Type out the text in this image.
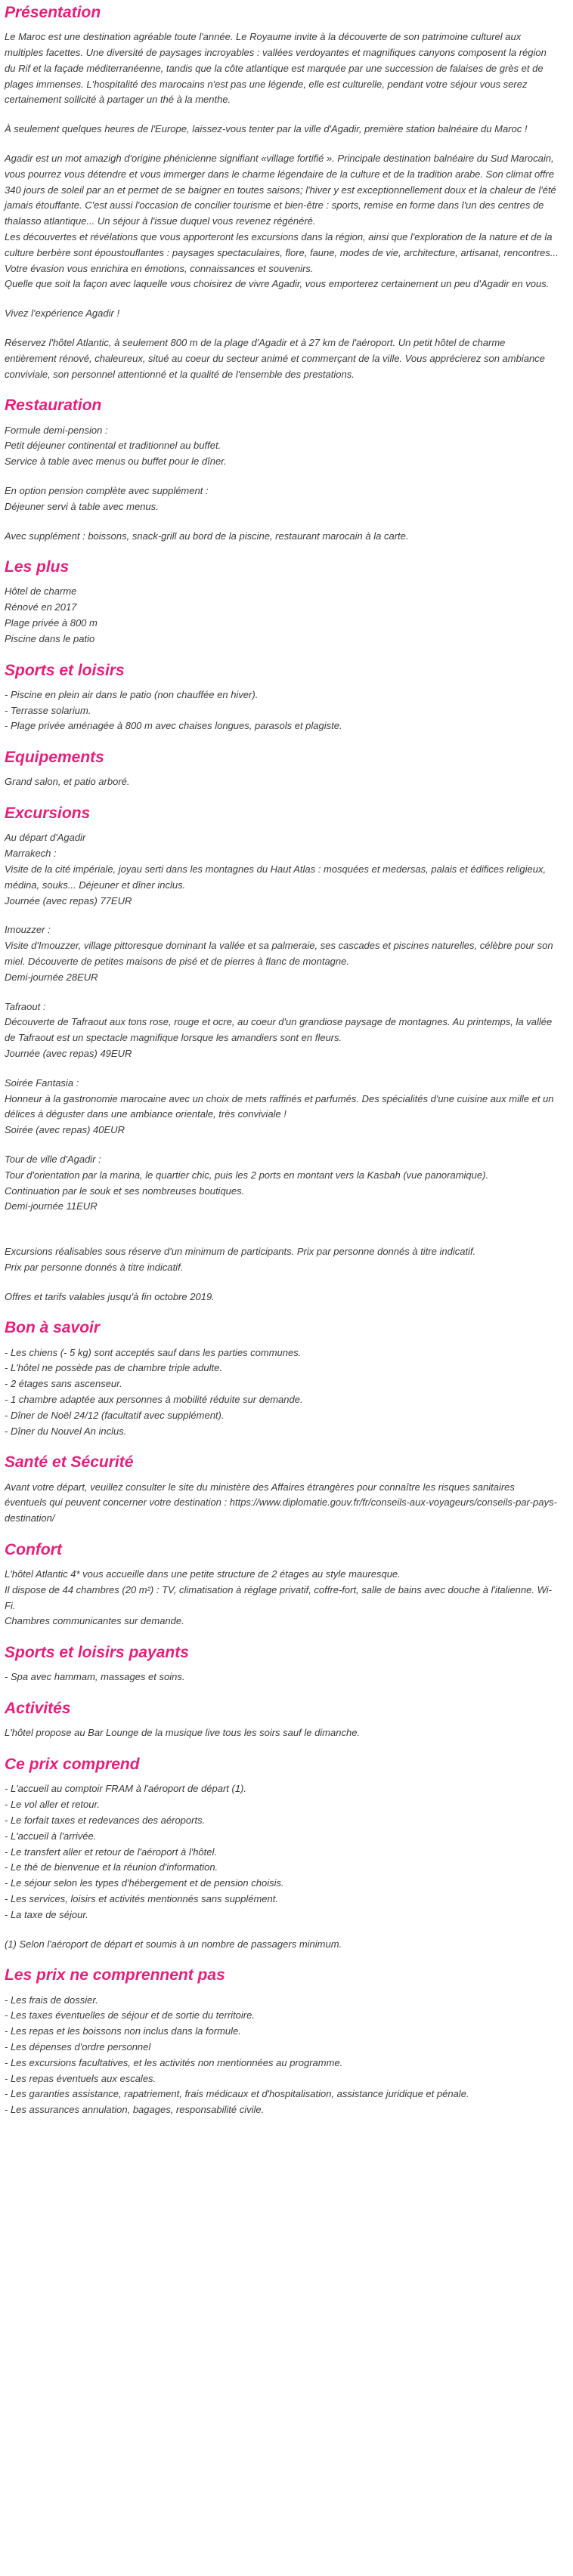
Présentation

Le Maroc est une destination agréable toute l'année. Le Royaume invite à la découverte de son patrimoine culturel aux multiples facettes. Une diversité de paysages incroyables : vallées verdoyantes et magnifiques canyons composent la région du Rif et la façade méditerranéenne, tandis que la côte atlantique est marquée par une succession de falaises de grès et de plages immenses. L'hospitalité des marocains n'est pas une légende, elle est culturelle, pendant votre séjour vous serez certainement sollicité à partager un thé à la menthe.

À seulement quelques heures de l'Europe, laissez-vous tenter par la ville d'Agadir, première station balnéaire du Maroc !

Agadir est un mot amazigh d'origine phénicienne signifiant «village fortifié ». Principale destination balnéaire du Sud Marocain, vous pourrez vous détendre et vous immerger dans le charme légendaire de la culture et de la tradition arabe. Son climat offre 340 jours de soleil par an et permet de se baigner en toutes saisons; l'hiver y est exceptionnellement doux et la chaleur de l'été jamais étouffante. C'est aussi l'occasion de concilier tourisme et bien-être : sports, remise en forme dans l'un des centres de thalasso atlantique... Un séjour à l'issue duquel vous revenez régénéré.
Les découvertes et révélations que vous apporteront les excursions dans la région, ainsi que l'exploration de la nature et de la culture berbère sont époustouflantes : paysages spectaculaires, flore, faune, modes de vie, architecture, artisanat, rencontres... Votre évasion vous enrichira en émotions, connaissances et souvenirs.
Quelle que soit la façon avec laquelle vous choisirez de vivre Agadir, vous emporterez certainement un peu d'Agadir en vous.

Vivez l'expérience Agadir !

Réservez l'hôtel Atlantic, à seulement 800 m de la plage d'Agadir et à 27 km de l'aéroport. Un petit hôtel de charme entièrement rénové, chaleureux, situé au coeur du secteur animé et commerçant de la ville. Vous apprécierez son ambiance conviviale, son personnel attentionné et la qualité de l'ensemble des prestations.

Restauration

Formule demi-pension :
Petit déjeuner continental et traditionnel au buffet.
Service à table avec menus ou buffet pour le dîner.

En option pension complète avec supplément :
Déjeuner servi à table avec menus.

Avec supplément : boissons, snack-grill au bord de la piscine, restaurant marocain à la carte.

Les plus

Hôtel de charme
Rénové en 2017
Plage privée à 800 m
Piscine dans le patio

Sports et loisirs

- Piscine en plein air dans le patio (non chauffée en hiver).
- Terrasse solarium.
- Plage privée aménagée à 800 m avec chaises longues, parasols et plagiste.

Equipements

Grand salon, et patio arboré.

Excursions

Au départ d'Agadir
Marrakech :
Visite de la cité impériale, joyau serti dans les montagnes du Haut Atlas : mosquées et medersas, palais et édifices religieux, médina, souks... Déjeuner et dîner inclus.
Journée (avec repas) 77EUR

Imouzzer :
Visite d'Imouzzer, village pittoresque dominant la vallée et sa palmeraie, ses cascades et piscines naturelles, célèbre pour son miel. Découverte de petites maisons de pisé et de pierres à flanc de montagne.
Demi-journée 28EUR

Tafraout :
Découverte de Tafraout aux tons rose, rouge et ocre, au coeur d'un grandiose paysage de montagnes. Au printemps, la vallée de Tafraout est un spectacle magnifique lorsque les amandiers sont en fleurs.
Journée (avec repas) 49EUR

Soirée Fantasia :
Honneur à la gastronomie marocaine avec un choix de mets raffinés et parfumés. Des spécialités d'une cuisine aux mille et un délices à déguster dans une ambiance orientale, très conviviale !
Soirée (avec repas) 40EUR

Tour de ville d'Agadir :
Tour d'orientation par la marina, le quartier chic, puis les 2 ports en montant vers la Kasbah (vue panoramique).
Continuation par le souk et ses nombreuses boutiques.
Demi-journée 11EUR

Excursions réalisables sous réserve d'un minimum de participants. Prix par personne donnés à titre indicatif.
Prix par personne donnés à titre indicatif.

Offres et tarifs valables jusqu'à fin octobre 2019.

Bon à savoir

- Les chiens (- 5 kg) sont acceptés sauf dans les parties communes.
- L'hôtel ne possède pas de chambre triple adulte.
- 2 étages sans ascenseur.
- 1 chambre adaptée aux personnes à mobilité réduite sur demande.
- Dîner de Noël 24/12 (facultatif avec supplément).
- Dîner du Nouvel An inclus.

Santé et Sécurité

Avant votre départ, veuillez consulter le site du ministère des Affaires étrangères pour connaître les risques sanitaires éventuels qui peuvent concerner votre destination : https://www.diplomatie.gouv.fr/fr/conseils-aux-voyageurs/conseils-par-pays-destination/

Confort

L'hôtel Atlantic 4* vous accueille dans une petite structure de 2 étages au style mauresque.
Il dispose de 44 chambres (20 m²) : TV, climatisation à réglage privatif, coffre-fort, salle de bains avec douche à l'italienne. Wi-Fi.
Chambres communicantes sur demande.

Sports et loisirs payants

- Spa avec hammam, massages et soins.

Activités

L'hôtel propose au Bar Lounge de la musique live tous les soirs sauf le dimanche.

Ce prix comprend

- L'accueil au comptoir FRAM à l'aéroport de départ (1).
- Le vol aller et retour.
- Le forfait taxes et redevances des aéroports.
- L'accueil à l'arrivée.
- Le transfert aller et retour de l'aéroport à l'hôtel.
- Le thé de bienvenue et la réunion d'information.
- Le séjour selon les types d'hébergement et de pension choisis.
- Les services, loisirs et activités mentionnés sans supplément.
- La taxe de séjour.

(1) Selon l'aéroport de départ et soumis à un nombre de passagers minimum.

Les prix ne comprennent pas

- Les frais de dossier.
- Les taxes éventuelles de séjour et de sortie du territoire.
- Les repas et les boissons non inclus dans la formule.
- Les dépenses d'ordre personnel
- Les excursions facultatives, et les activités non mentionnées au programme.
- Les repas éventuels aux escales.
- Les garanties assistance, rapatriement, frais médicaux et d'hospitalisation, assistance juridique et pénale.
- Les assurances annulation, bagages, responsabilité civile.
